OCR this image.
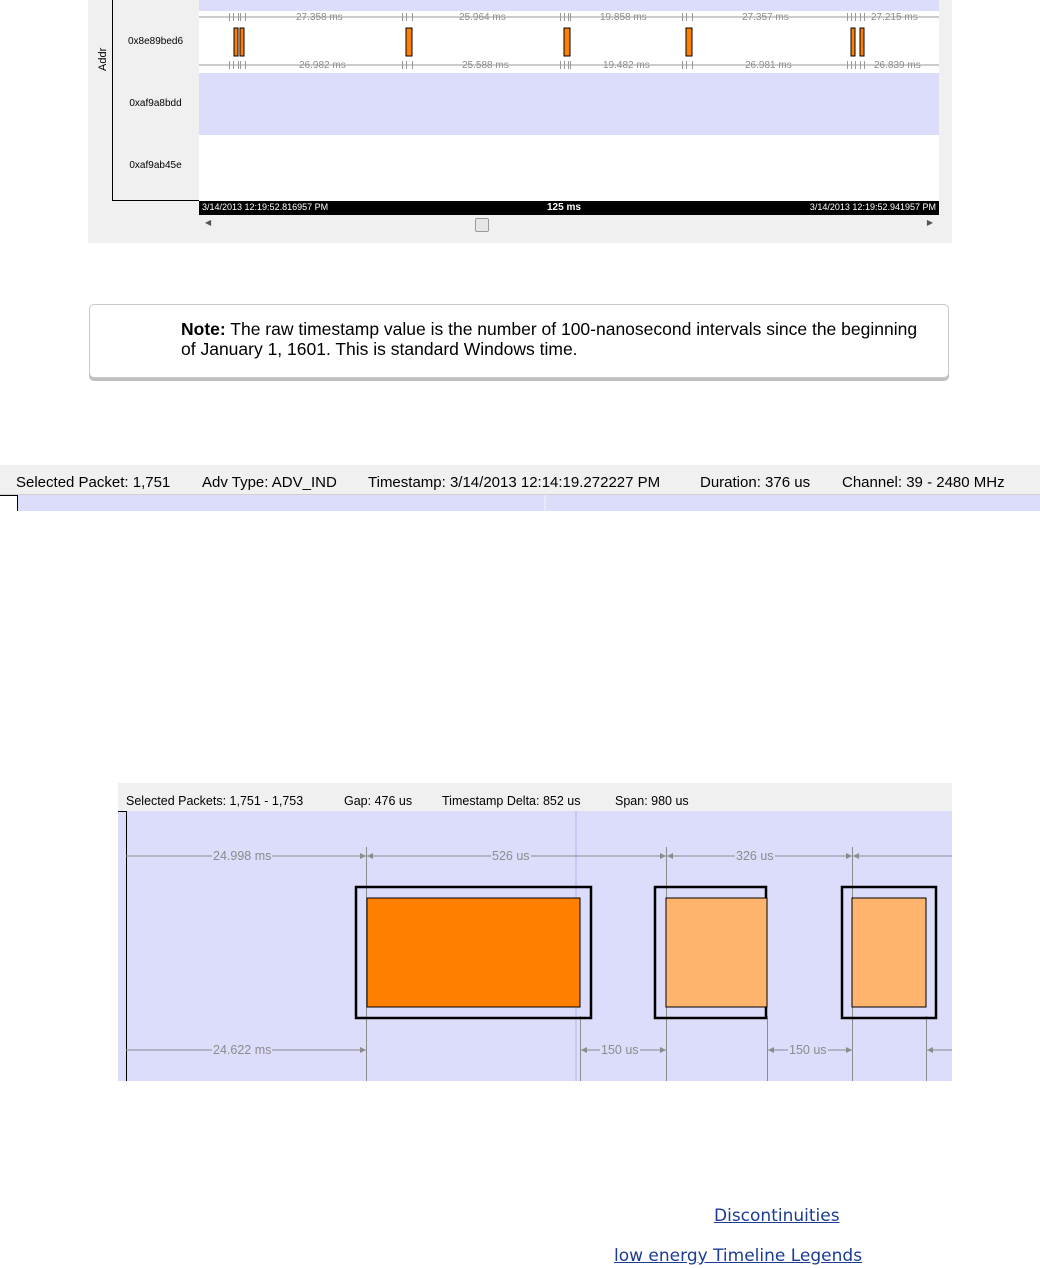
Addr
0x8e89bed6
0xaf9a8bdd
0xaf9ab45e
27.358 ms	25.964 ms	19.858 ms	27.357 ms	27.215 ms
26.982 ms	25.588 ms	19.482 ms	26.981 ms	26.839 ms
3/14/2013 12:19:52.816957 PM	125 ms	3/14/2013 12:19:52.941957 PM
◀	▶
Note: The raw timestamp value is the number of 100-nanosecond intervals since the beginning of January 1, 1601. This is standard Windows time.
Selected Packet: 1,751 Adv Type: ADV_IND Timestamp: 3/14/2013 12:14:19.272227 PM	Duration: 376 us Channel: 39 - 2480 MHz
Selected Packets: 1,751 - 1,753	Gap: 476 us Timestamp Delta: 852 us	Span: 980 us
24.998 ms	526 us	326 us
24.622 ms	150 us	150 us
Discontinuities
low energy Timeline Legends
